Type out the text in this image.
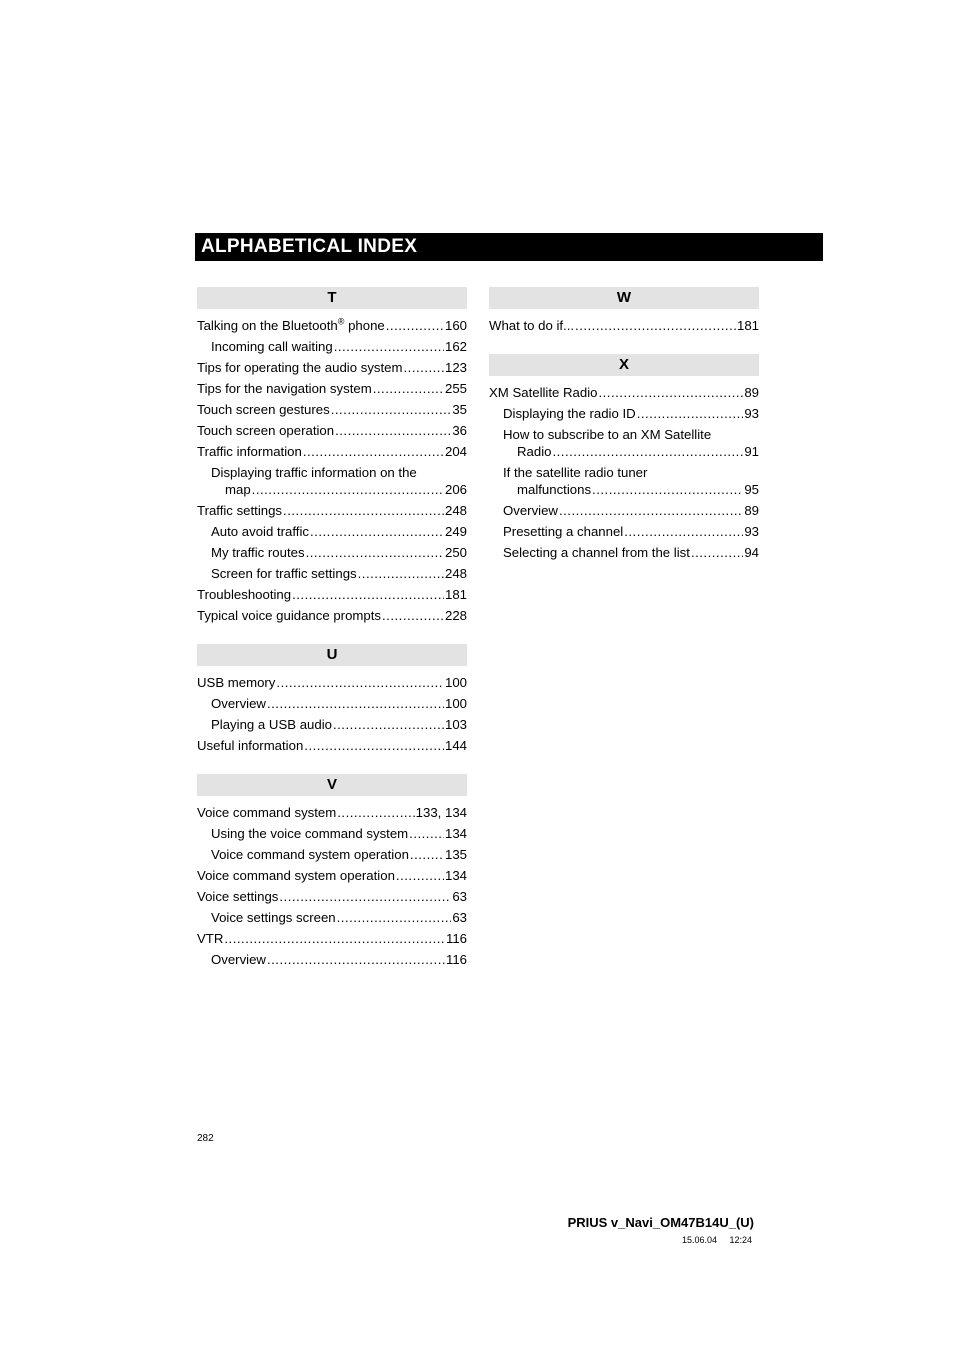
ALPHABETICAL INDEX
T
Talking on the Bluetooth® phone .....	160
Incoming call waiting .....	162
Tips for operating the audio system .....	123
Tips for the navigation system .....	255
Touch screen gestures .....	35
Touch screen operation .....	36
Traffic information .....	204
Displaying traffic information on the
map .....	206
Traffic settings .....	248
Auto avoid traffic .....	249
My traffic routes .....	250
Screen for traffic settings .....	248
Troubleshooting .....	181
Typical voice guidance prompts .....	228
U
USB memory .....	100
Overview .....	100
Playing a USB audio .....	103
Useful information .....	144
V
Voice command system .....	133, 134
Using the voice command system .....	134
Voice command system operation .....	135
Voice command system operation .....	134
Voice settings .....	63
Voice settings screen .....	63
VTR .....	116
Overview .....	116
W
What to do if... .....	181
X
XM Satellite Radio .....	89
Displaying the radio ID .....	93
How to subscribe to an XM Satellite
Radio .....	91
If the satellite radio tuner
malfunctions .....	95
Overview .....	89
Presetting a channel .....	93
Selecting a channel from the list .....	94
282
PRIUS v_Navi_OM47B14U_(U)
15.06.04     12:24
